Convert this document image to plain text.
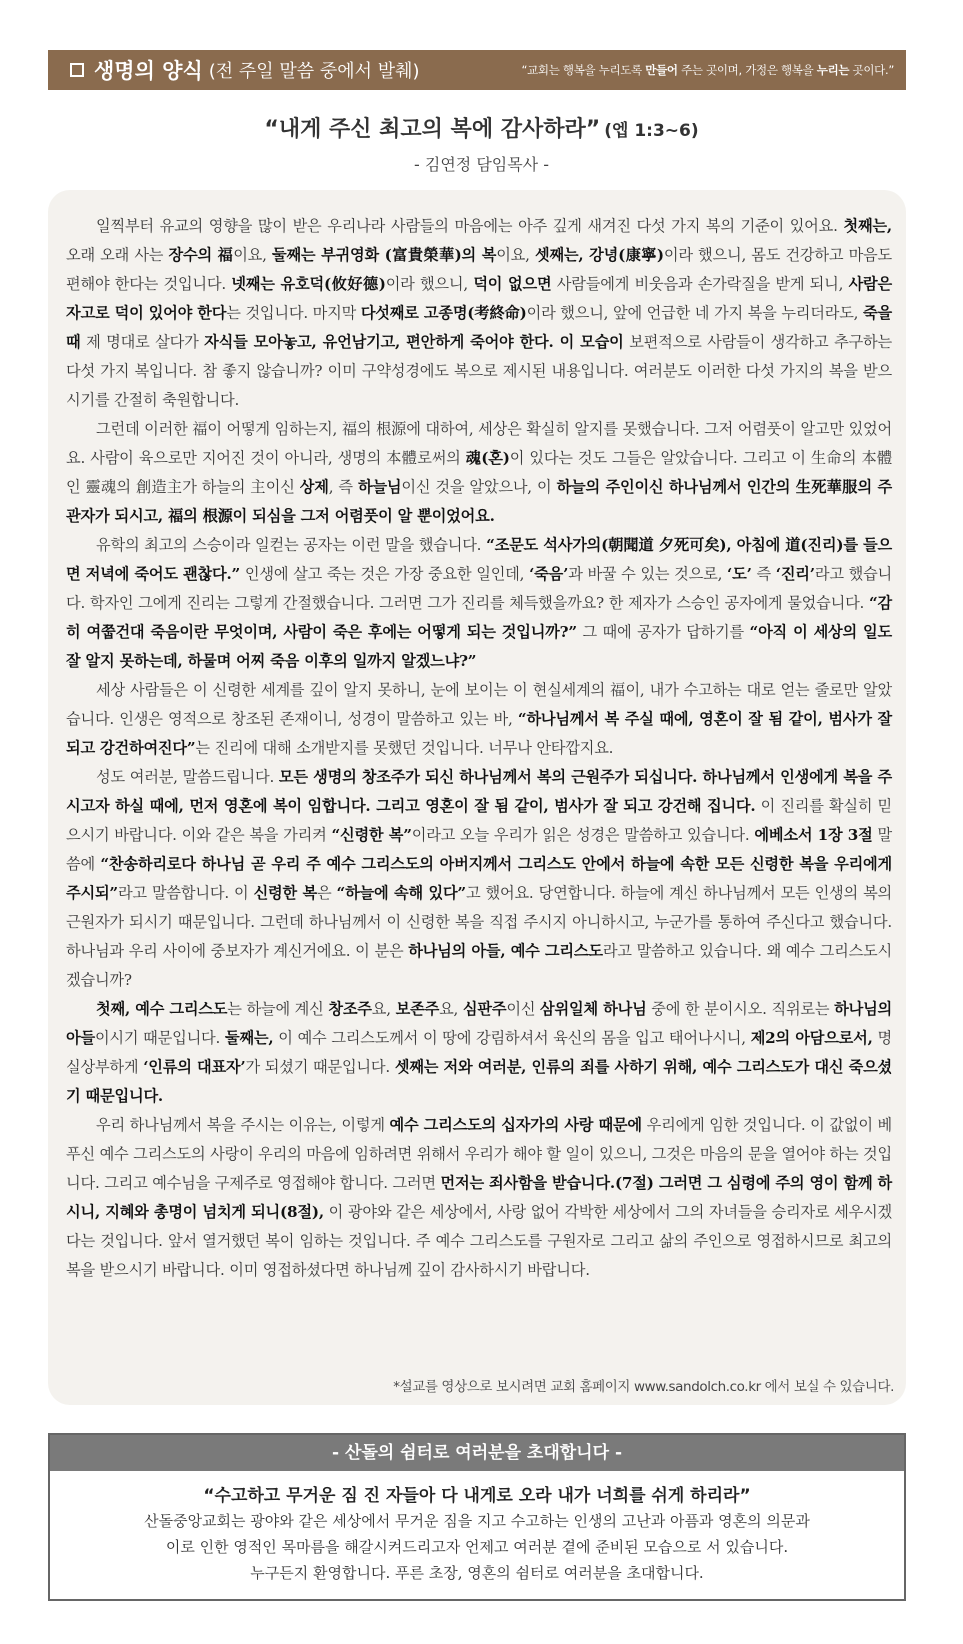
생명의 양식 (전 주일 말씀 중에서 발췌)	“교회는 행복을 누리도록 만들어 주는 곳이며, 가정은 행복을 누리는 곳이다.”
“내게 주신 최고의 복에 감사하라” (엡 1:3~6)
- 김연정 담임목사 -

일찍부터 유교의 영향을 많이 받은 우리나라 사람들의 마음에는 아주 깊게 새겨진 다섯 가지 복의 기준이 있어요. 첫째는, 오래 오래 사는 장수의 福이요, 둘째는 부귀영화 (富貴榮華)의 복이요, 셋째는, 강녕(康寧)이라 했으니, 몸도 건강하고 마음도 편해야 한다는 것입니다. 넷째는 유호덕(攸好德)이라 했으니, 덕이 없으면 사람들에게 비웃음과 손가락질을 받게 되니, 사람은 자고로 덕이 있어야 한다는 것입니다. 마지막 다섯째로 고종명(考終命)이라 했으니, 앞에 언급한 네 가지 복을 누리더라도, 죽을 때 제 명대로 살다가 자식들 모아놓고, 유언남기고, 편안하게 죽어야 한다. 이 모습이 보편적으로 사람들이 생각하고 추구하는 다섯 가지 복입니다. 참 좋지 않습니까? 이미 구약성경에도 복으로 제시된 내용입니다. 여러분도 이러한 다섯 가지의 복을 받으시기를 간절히 축원합니다.

그런데 이러한 福이 어떻게 임하는지, 福의 根源에 대하여, 세상은 확실히 알지를 못했습니다. 그저 어렴풋이 알고만 있었어요. 사람이 육으로만 지어진 것이 아니라, 생명의 本體로써의 魂(혼)이 있다는 것도 그들은 알았습니다. 그리고 이 生命의 本體인 靈魂의 創造主가 하늘의 主이신 상제, 즉 하늘님이신 것을 알았으나, 이 하늘의 주인이신 하나님께서 인간의 生死華服의 주관자가 되시고, 福의 根源이 되심을 그저 어렴풋이 알 뿐이었어요.

유학의 최고의 스승이라 일컫는 공자는 이런 말을 했습니다. “조문도 석사가의(朝聞道 夕死可矣), 아침에 道(진리)를 들으면 저녁에 죽어도 괜찮다.” 인생에 살고 죽는 것은 가장 중요한 일인데, ‘죽음’과 바꿀 수 있는 것으로, ‘도’ 즉 ‘진리’라고 했습니다. 학자인 그에게 진리는 그렇게 간절했습니다. 그러면 그가 진리를 체득했을까요? 한 제자가 스승인 공자에게 물었습니다. “감히 여쭙건대 죽음이란 무엇이며, 사람이 죽은 후에는 어떻게 되는 것입니까?” 그 때에 공자가 답하기를 “아직 이 세상의 일도 잘 알지 못하는데, 하물며 어찌 죽음 이후의 일까지 알겠느냐?”

세상 사람들은 이 신령한 세계를 깊이 알지 못하니, 눈에 보이는 이 현실세계의 福이, 내가 수고하는 대로 얻는 줄로만 알았습니다. 인생은 영적으로 창조된 존재이니, 성경이 말씀하고 있는 바, “하나님께서 복 주실 때에, 영혼이 잘 됨 같이, 범사가 잘되고 강건하여진다”는 진리에 대해 소개받지를 못했던 것입니다. 너무나 안타깝지요.

성도 여러분, 말씀드립니다. 모든 생명의 창조주가 되신 하나님께서 복의 근원주가 되십니다. 하나님께서 인생에게 복을 주시고자 하실 때에, 먼저 영혼에 복이 임합니다. 그리고 영혼이 잘 됨 같이, 범사가 잘 되고 강건해 집니다. 이 진리를 확실히 믿으시기 바랍니다. 이와 같은 복을 가리켜 “신령한 복”이라고 오늘 우리가 읽은 성경은 말씀하고 있습니다. 에베소서 1장 3절 말씀에 “찬송하리로다 하나님 곧 우리 주 예수 그리스도의 아버지께서 그리스도 안에서 하늘에 속한 모든 신령한 복을 우리에게 주시되”라고 말씀합니다. 이 신령한 복은 “하늘에 속해 있다”고 했어요. 당연합니다. 하늘에 계신 하나님께서 모든 인생의 복의 근원자가 되시기 때문입니다. 그런데 하나님께서 이 신령한 복을 직접 주시지 아니하시고, 누군가를 통하여 주신다고 했습니다. 하나님과 우리 사이에 중보자가 계신거에요. 이 분은 하나님의 아들, 예수 그리스도라고 말씀하고 있습니다. 왜 예수 그리스도시겠습니까?

첫째, 예수 그리스도는 하늘에 계신 창조주요, 보존주요, 심판주이신 삼위일체 하나님 중에 한 분이시오. 직위로는 하나님의 아들이시기 때문입니다. 둘째는, 이 예수 그리스도께서 이 땅에 강림하셔서 육신의 몸을 입고 태어나시니, 제2의 아담으로서, 명실상부하게 ‘인류의 대표자’가 되셨기 때문입니다. 셋째는 저와 여러분, 인류의 죄를 사하기 위해, 예수 그리스도가 대신 죽으셨기 때문입니다.

우리 하나님께서 복을 주시는 이유는, 이렇게 예수 그리스도의 십자가의 사랑 때문에 우리에게 임한 것입니다. 이 값없이 베푸신 예수 그리스도의 사랑이 우리의 마음에 임하려면 위해서 우리가 해야 할 일이 있으니, 그것은 마음의 문을 열어야 하는 것입니다. 그리고 예수님을 구제주로 영접해야 합니다. 그러면 먼저는 죄사함을 받습니다.(7절) 그러면 그 심령에 주의 영이 함께 하시니, 지혜와 총명이 넘치게 되니(8절), 이 광야와 같은 세상에서, 사랑 없어 각박한 세상에서 그의 자녀들을 승리자로 세우시겠다는 것입니다. 앞서 열거했던 복이 임하는 것입니다. 주 예수 그리스도를 구원자로 그리고 삶의 주인으로 영접하시므로 최고의 복을 받으시기 바랍니다. 이미 영접하셨다면 하나님께 깊이 감사하시기 바랍니다.

*설교를 영상으로 보시려면 교회 홈페이지 www.sandolch.co.kr 에서 보실 수 있습니다.
- 산돌의 쉼터로 여러분을 초대합니다 -
“수고하고 무거운 짐 진 자들아 다 내게로 오라 내가 너희를 쉬게 하리라”
산돌중앙교회는 광야와 같은 세상에서 무거운 짐을 지고 수고하는 인생의 고난과 아픔과 영혼의 의문과
이로 인한 영적인 목마름을 해갈시켜드리고자 언제고 여러분 곁에 준비된 모습으로 서 있습니다.
누구든지 환영합니다. 푸른 초장, 영혼의 쉼터로 여러분을 초대합니다.
